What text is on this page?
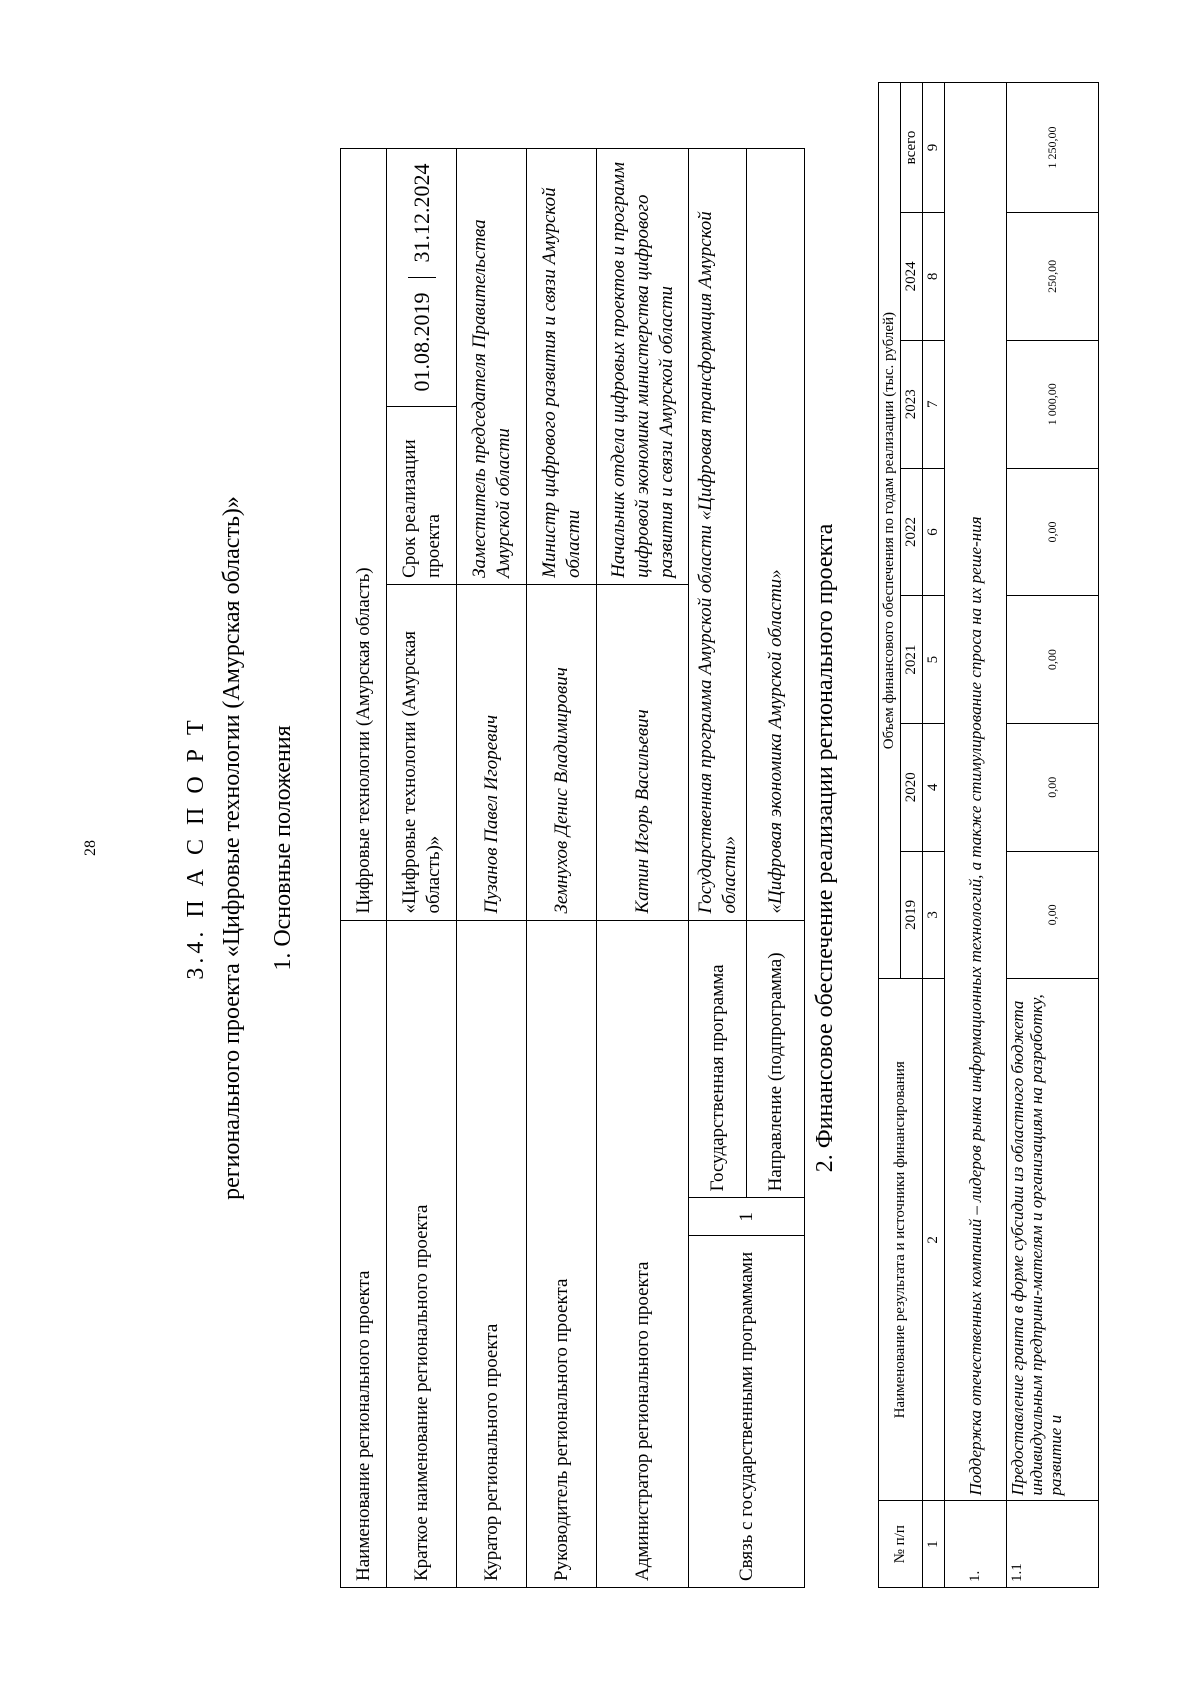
28	3.4. П А С П О Р Т регионального проекта «Цифровые технологии (Амурская область)» 1. Основные положения
Наименование регионального проекта	Цифровые технологии (Амурская область)
Краткое наименование регионального проекта	«Цифровые технологии (Амурская область)»	Срок реализации проекта	
01.08.2019	31.12.2024

Куратор регионального проекта	Пузанов Павел Игоревич	Заместитель председателя Правительства Амурской области
Руководитель регионального проекта	Земнухов Денис Владимирович	Министр цифрового развития и связи Амурской области
Администратор регионального проекта	Катин Игорь Васильевич	Начальник отдела цифровых проектов и программ цифровой экономики министерства цифрового развития и связи Амурской области
Связь с государственными программами	1	Государственная программа	Государственная программа Амурской области «Цифровая трансформация Амурской области»
Направление (подпрограмма)	«Цифровая экономика Амурской области» 2. Финансовое обеспечение реализации регионального проекта
№ п/п	Наименование результата и источники финансирования	Объем финансового обеспечения по годам реализации (тыс. рублей)						
		2019	2020	2021	2022	2023	2024	всего
1	2	3	4	5	6	7	8	9
1.	Поддержка отечественных компаний – лидеров рынка информационных технологий, а также стимулирование спроса на их реше-ния							
1.1	Предоставление гранта в форме субсидии из областного бюджета индивидуальным предприни-мателям и организациям на разработку, развитие и	0,00	0,00	0,00	0,00	1 000,00	250,00	1 250,00
